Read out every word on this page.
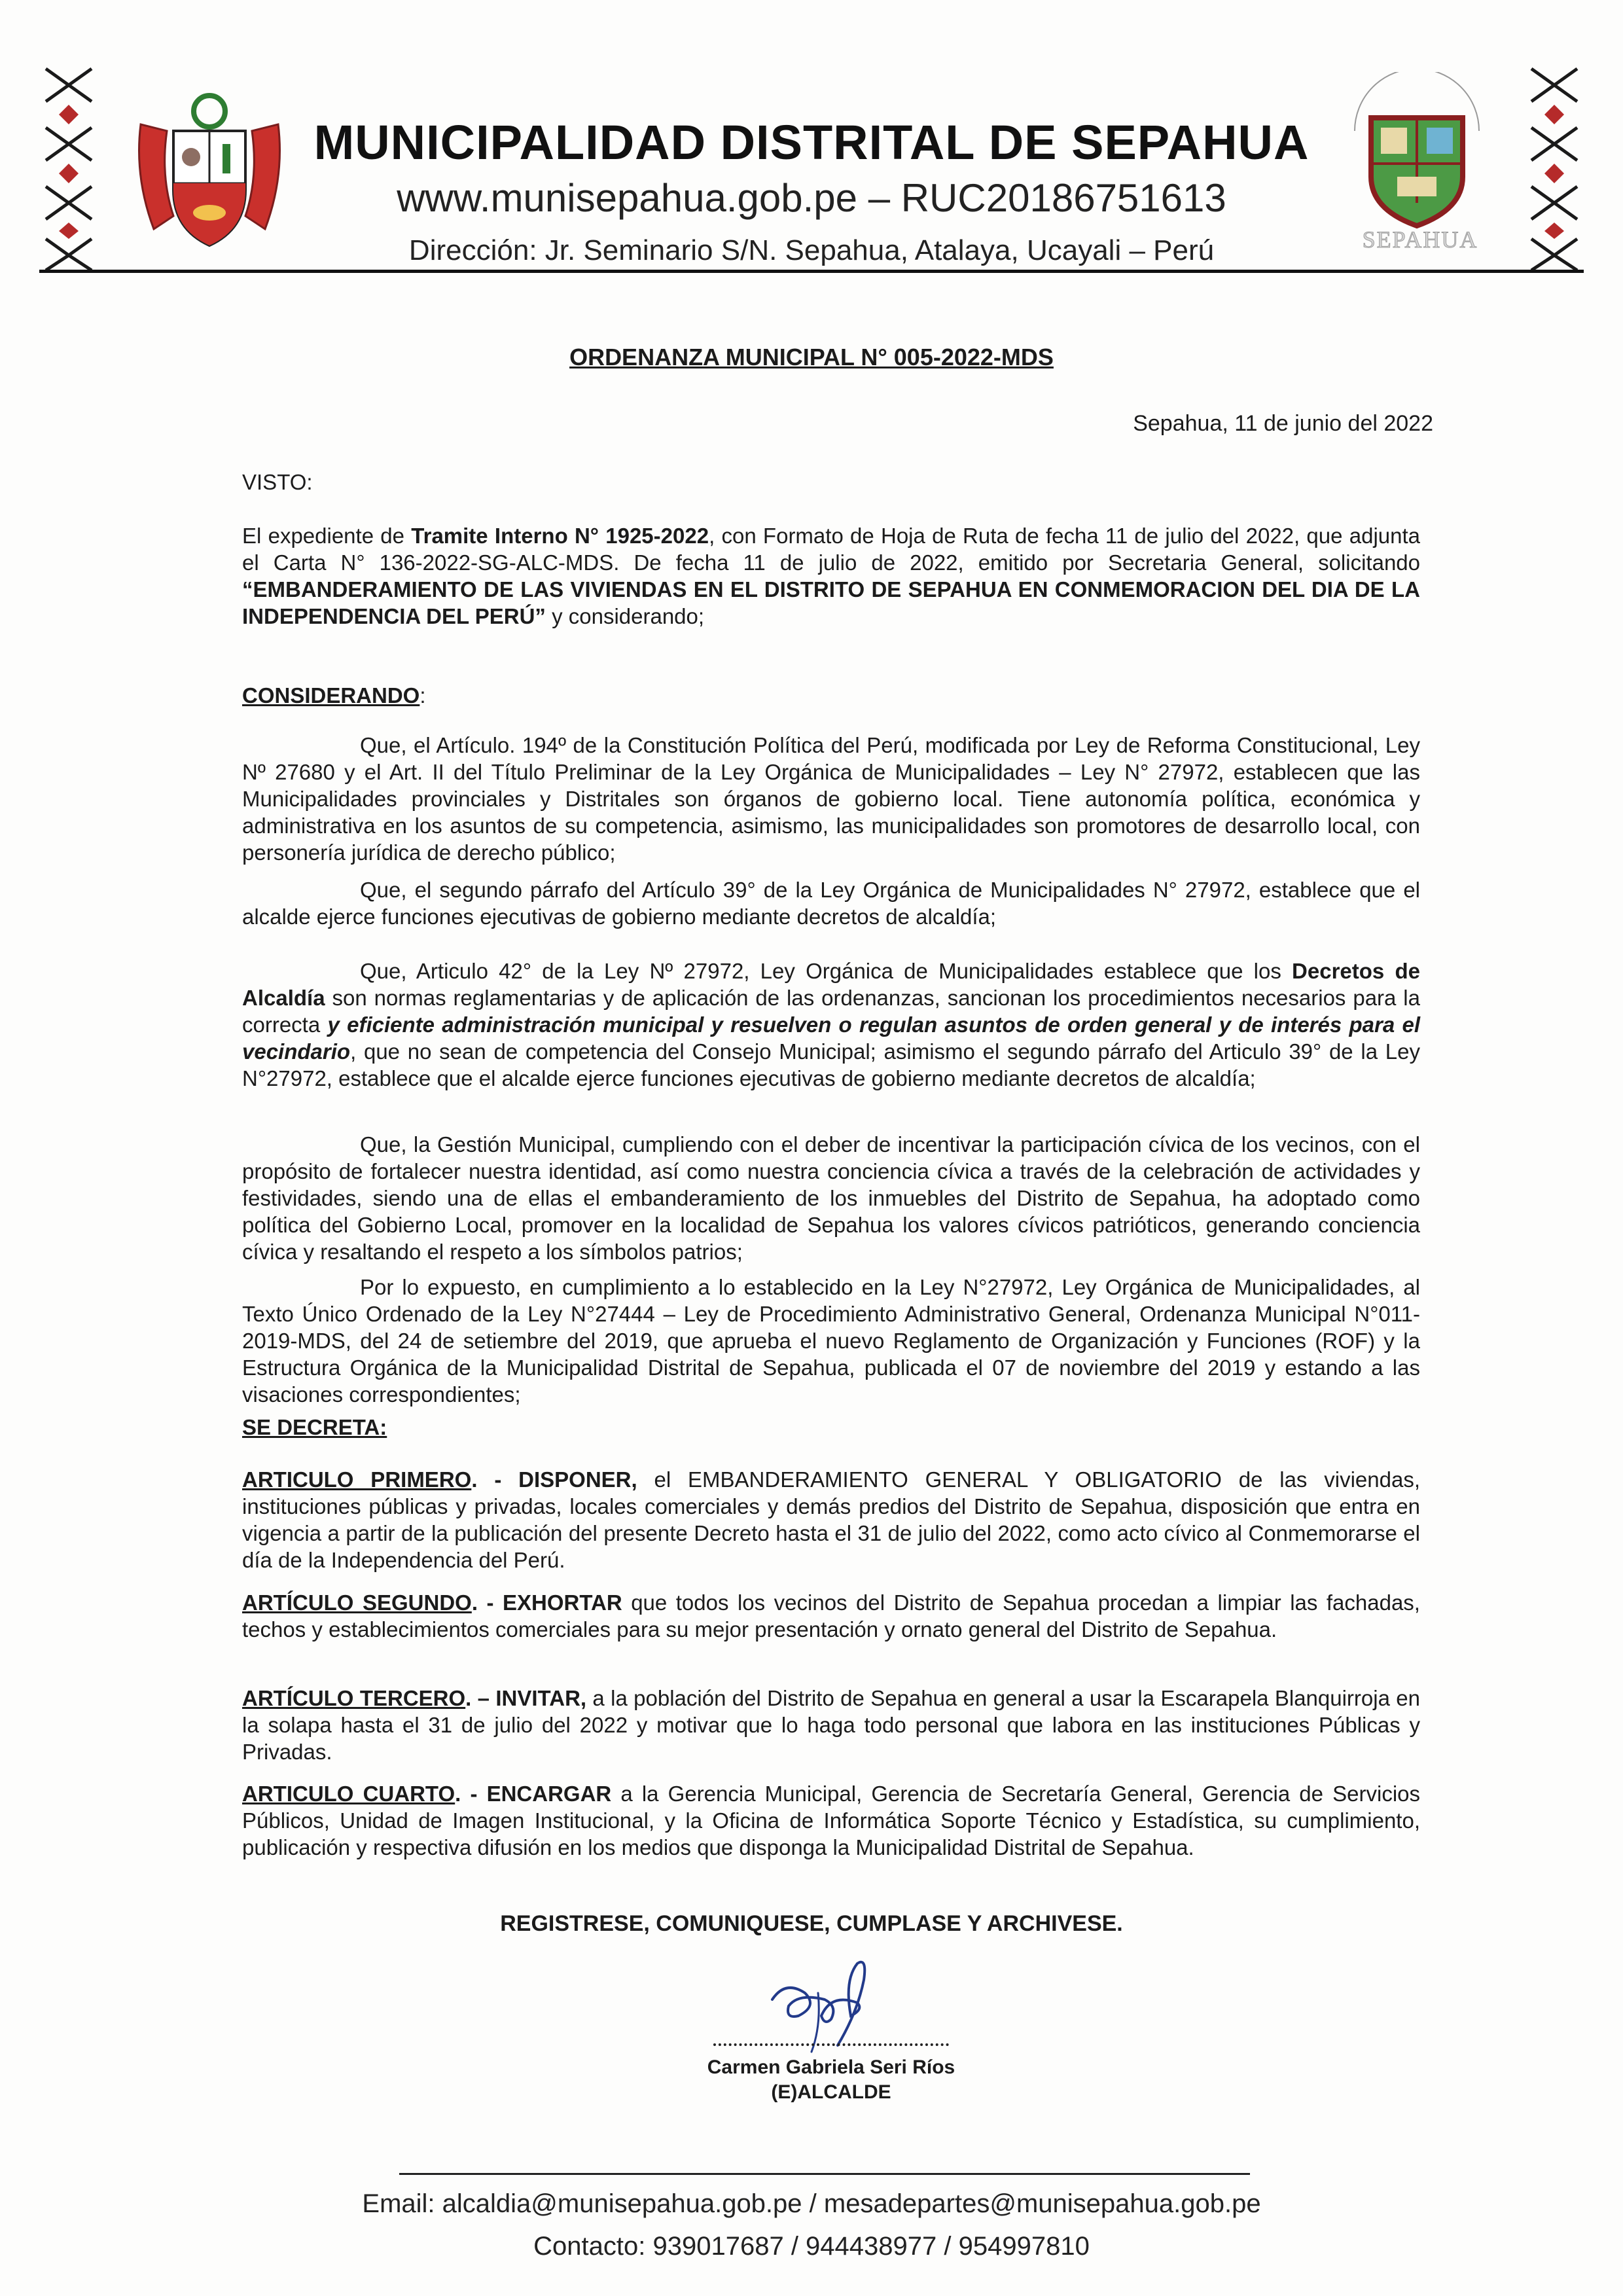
SEPAHUA
MUNICIPALIDAD DISTRITAL DE SEPAHUA
www.munisepahua.gob.pe – RUC20186751613
Dirección: Jr. Seminario S/N. Sepahua, Atalaya, Ucayali – Perú
ORDENANZA MUNICIPAL N° 005-2022-MDS
Sepahua, 11 de junio del 2022
VISTO:
El expediente de Tramite Interno N° 1925-2022, con Formato de Hoja de Ruta de fecha 11 de julio del 2022, que adjunta el Carta N° 136-2022-SG-ALC-MDS. De fecha 11 de julio de 2022, emitido por Secretaria General, solicitando “EMBANDERAMIENTO DE LAS VIVIENDAS EN EL DISTRITO DE SEPAHUA EN CONMEMORACION DEL DIA DE LA INDEPENDENCIA DEL PERÚ” y considerando;
CONSIDERANDO:
Que, el Artículo. 194º de la Constitución Política del Perú, modificada por Ley de Reforma Constitucional, Ley Nº 27680 y el Art. II del Título Preliminar de la Ley Orgánica de Municipalidades – Ley N° 27972, establecen que las Municipalidades provinciales y Distritales son órganos de gobierno local. Tiene autonomía política, económica y administrativa en los asuntos de su competencia, asimismo, las municipalidades son promotores de desarrollo local, con personería jurídica de derecho público;
Que, el segundo párrafo del Artículo 39° de la Ley Orgánica de Municipalidades N° 27972, establece que el alcalde ejerce funciones ejecutivas de gobierno mediante decretos de alcaldía;
Que, Articulo 42° de la Ley Nº 27972, Ley Orgánica de Municipalidades establece que los Decretos de Alcaldía son normas reglamentarias y de aplicación de las ordenanzas, sancionan los procedimientos necesarios para la correcta y eficiente administración municipal y resuelven o regulan asuntos de orden general y de interés para el vecindario, que no sean de competencia del Consejo Municipal; asimismo el segundo párrafo del Articulo 39° de la Ley N°27972, establece que el alcalde ejerce funciones ejecutivas de gobierno mediante decretos de alcaldía;
Que, la Gestión Municipal, cumpliendo con el deber de incentivar la participación cívica de los vecinos, con el propósito de fortalecer nuestra identidad, así como nuestra conciencia cívica a través de la celebración de actividades y festividades, siendo una de ellas el embanderamiento de los inmuebles del Distrito de Sepahua, ha adoptado como política del Gobierno Local, promover en la localidad de Sepahua los valores cívicos patrióticos, generando conciencia cívica y resaltando el respeto a los símbolos patrios;
Por lo expuesto, en cumplimiento a lo establecido en la Ley N°27972, Ley Orgánica de Municipalidades, al Texto Único Ordenado de la Ley N°27444 – Ley de Procedimiento Administrativo General, Ordenanza Municipal N°011-2019-MDS, del 24 de setiembre del 2019, que aprueba el nuevo Reglamento de Organización y Funciones (ROF) y la Estructura Orgánica de la Municipalidad Distrital de Sepahua, publicada el 07 de noviembre del 2019 y estando a las visaciones correspondientes;
SE DECRETA:
ARTICULO PRIMERO. - DISPONER, el EMBANDERAMIENTO GENERAL Y OBLIGATORIO de las viviendas, instituciones públicas y privadas, locales comerciales y demás predios del Distrito de Sepahua, disposición que entra en vigencia a partir de la publicación del presente Decreto hasta el 31 de julio del 2022, como acto cívico al Conmemorarse el día de la Independencia del Perú.
ARTÍCULO SEGUNDO. - EXHORTAR que todos los vecinos del Distrito de Sepahua procedan a limpiar las fachadas, techos y establecimientos comerciales para su mejor presentación y ornato general del Distrito de Sepahua.
ARTÍCULO TERCERO. – INVITAR, a la población del Distrito de Sepahua en general a usar la Escarapela Blanquirroja en la solapa hasta el 31 de julio del 2022 y motivar que lo haga todo personal que labora en las instituciones Públicas y Privadas.
ARTICULO CUARTO. - ENCARGAR a la Gerencia Municipal, Gerencia de Secretaría General, Gerencia de Servicios Públicos, Unidad de Imagen Institucional, y la Oficina de Informática Soporte Técnico y Estadística, su cumplimiento, publicación y respectiva difusión en los medios que disponga la Municipalidad Distrital de Sepahua.
REGISTRESE, COMUNIQUESE, CUMPLASE Y ARCHIVESE.
Carmen Gabriela Seri Ríos
(E)ALCALDE
Email: alcaldia@munisepahua.gob.pe / mesadepartes@munisepahua.gob.pe
Contacto: 939017687 / 944438977 / 954997810
